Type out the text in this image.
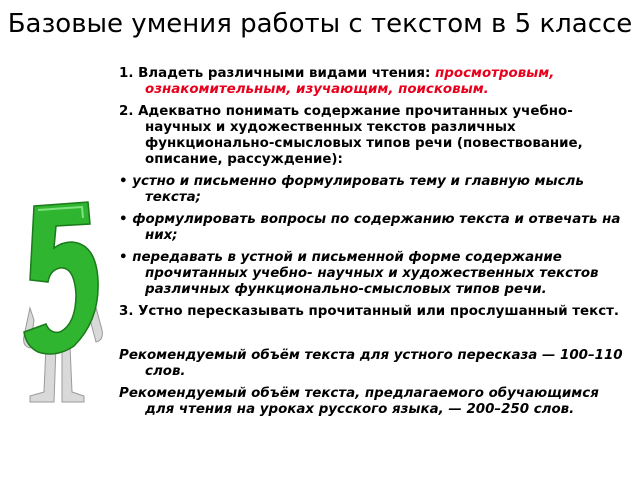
Базовые умения работы с текстом в 5 классе
1. Владеть различными видами чтения: просмотровым, ознакомительным, изучающим, поисковым.
2. Адекватно понимать содержание прочитанных учебно-научных и художественных текстов различных функционально-смысловых типов речи (повествование, описание, рассуждение):
• устно и письменно формулировать тему и главную мысль текста;
• формулировать вопросы по содержанию текста и отвечать на них;
• передавать в устной и письменной форме содержание прочитанных учебно- научных и художественных текстов различных функционально-смысловых типов речи.
3. Устно пересказывать прочитанный или прослушанный текст.
Рекомендуемый объём текста для устного пересказа — 100–110 слов.
Рекомендуемый объём текста, предлагаемого обучающимся для чтения на уроках русского языка, — 200–250 слов.
